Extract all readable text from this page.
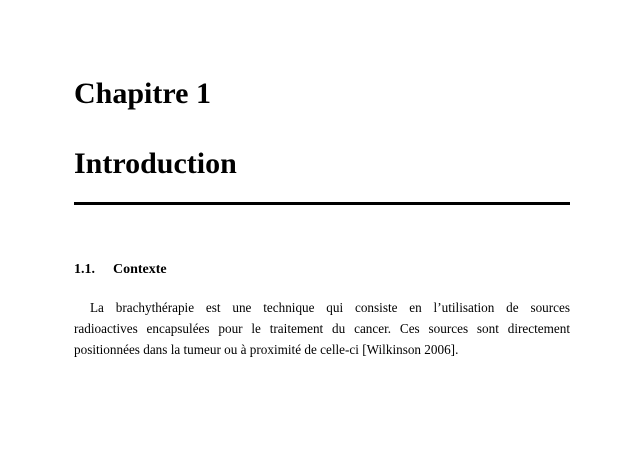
Chapitre 1
Introduction
1.1. Contexte
La brachythérapie est une technique qui consiste en l’utilisation de sources
radioactives encapsulées pour le traitement du cancer. Ces sources sont directement
positionnées dans la tumeur ou à proximité de celle-ci [Wilkinson 2006].
